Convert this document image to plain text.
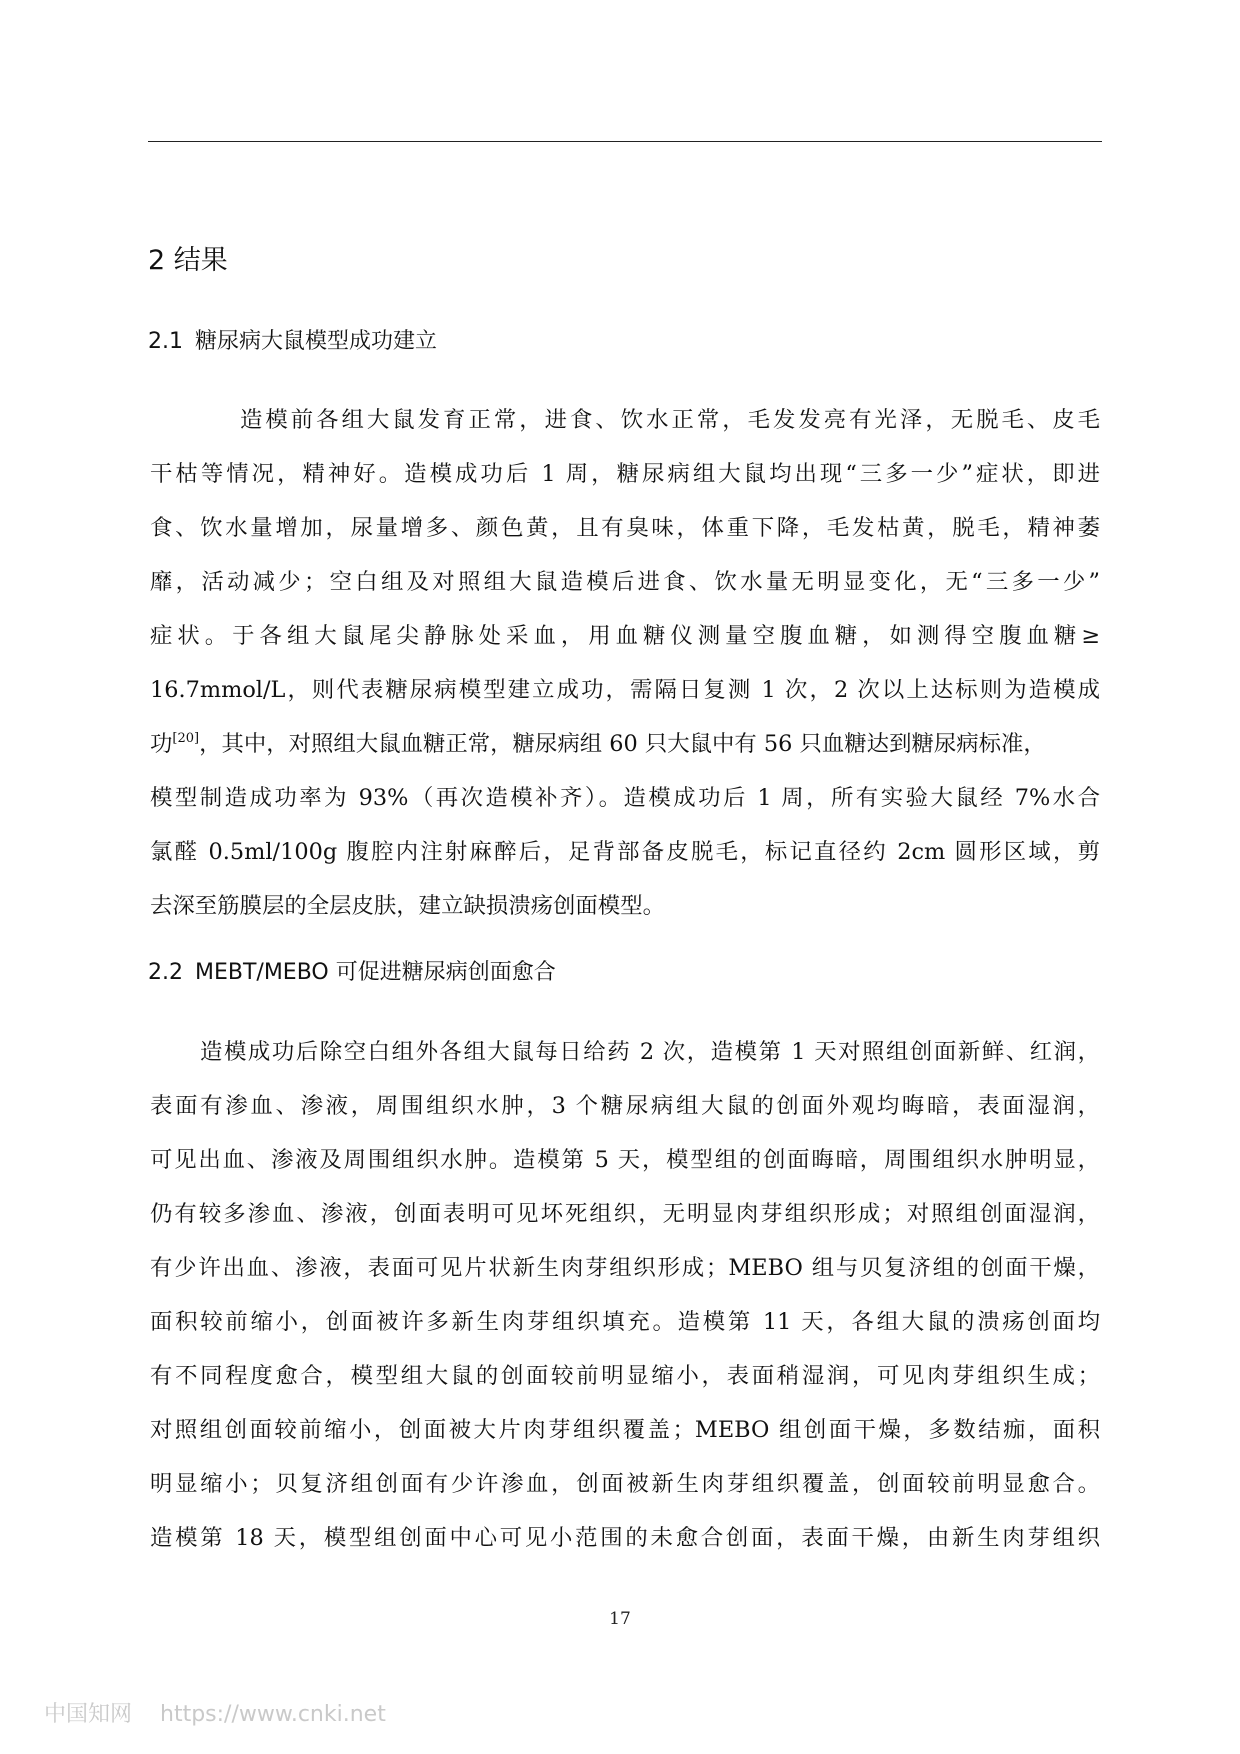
2 结果
2.1 糖尿病大鼠模型成功建立
造模前各组大鼠发育正常，进食、饮水正常，毛发发亮有光泽，无脱毛、皮毛
干枯等情况，精神好。造模成功后 1 周，糖尿病组大鼠均出现“三多一少”症状，即进
食、饮水量增加，尿量增多、颜色黄，且有臭味，体重下降，毛发枯黄，脱毛，精神萎
靡，活动减少；空白组及对照组大鼠造模后进食、饮水量无明显变化，无“三多一少”
症状。于各组大鼠尾尖静脉处采血，用血糖仪测量空腹血糖，如测得空腹血糖≥
16.7mmol/L，则代表糖尿病模型建立成功，需隔日复测 1 次，2 次以上达标则为造模成
功[20]，其中，对照组大鼠血糖正常，糖尿病组 60 只大鼠中有 56 只血糖达到糖尿病标准，
模型制造成功率为 93%（再次造模补齐）。造模成功后 1 周，所有实验大鼠经 7%水合
氯醛 0.5ml/100g 腹腔内注射麻醉后，足背部备皮脱毛，标记直径约 2cm 圆形区域，剪
去深至筋膜层的全层皮肤，建立缺损溃疡创面模型。
2.2 MEBT/MEBO 可促进糖尿病创面愈合
造模成功后除空白组外各组大鼠每日给药 2 次，造模第 1 天对照组创面新鲜、红润，
表面有渗血、渗液，周围组织水肿，3 个糖尿病组大鼠的创面外观均晦暗，表面湿润，
可见出血、渗液及周围组织水肿。造模第 5 天，模型组的创面晦暗，周围组织水肿明显，
仍有较多渗血、渗液，创面表明可见坏死组织，无明显肉芽组织形成；对照组创面湿润，
有少许出血、渗液，表面可见片状新生肉芽组织形成；MEBO 组与贝复济组的创面干燥，
面积较前缩小，创面被许多新生肉芽组织填充。造模第 11 天，各组大鼠的溃疡创面均
有不同程度愈合，模型组大鼠的创面较前明显缩小，表面稍湿润，可见肉芽组织生成；
对照组创面较前缩小，创面被大片肉芽组织覆盖；MEBO 组创面干燥，多数结痂，面积
明显缩小；贝复济组创面有少许渗血，创面被新生肉芽组织覆盖，创面较前明显愈合。
造模第 18 天，模型组创面中心可见小范围的未愈合创面，表面干燥，由新生肉芽组织
17
中国知网 https://www.cnki.net
